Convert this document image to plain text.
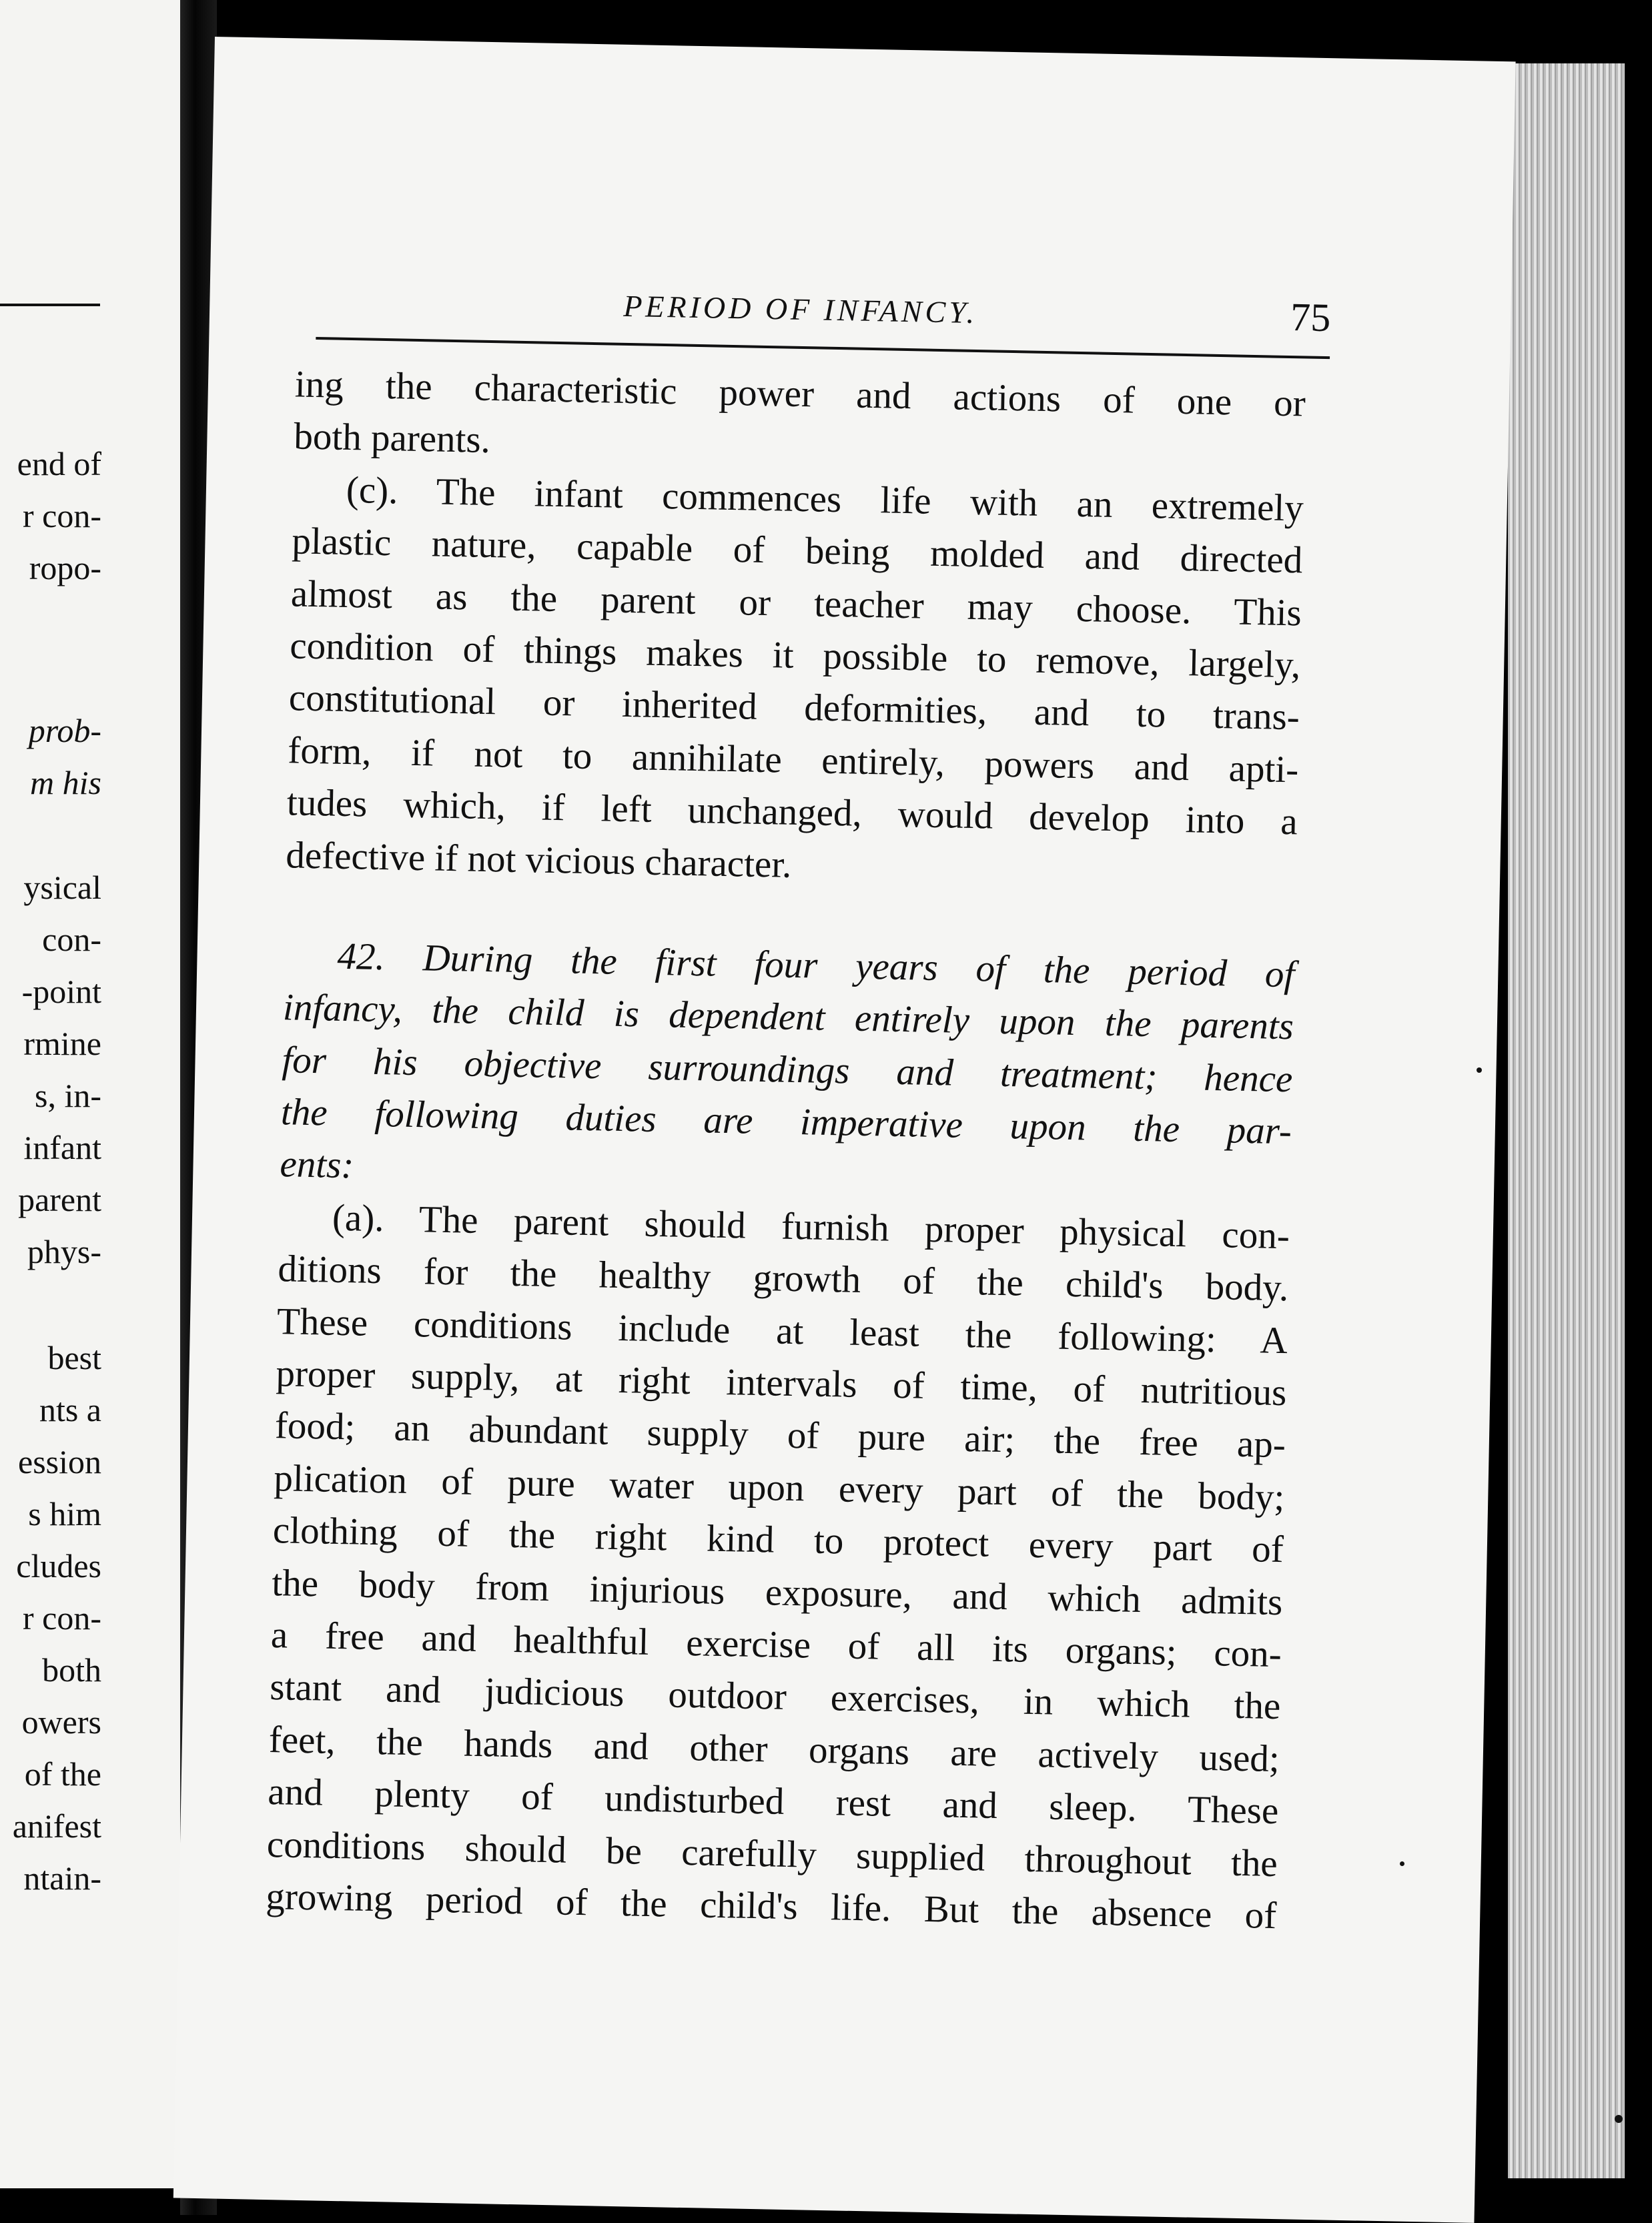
end of
r con-
ropo-
prob-
m his
ysical
con-
-point
rmine
s, in-
infant
parent
phys-
best
nts a
ession
s him
cludes
r con-
both
owers
of the
anifest
ntain-
PERIOD OF INFANCY.	75
ing the characteristic power and actions of one or
both parents.
(c). The infant commences life with an extremely
plastic nature, capable of being molded and directed
almost as the parent or teacher may choose. This
condition of things makes it possible to remove, largely,
constitutional or inherited deformities, and to trans-
form, if not to annihilate entirely, powers and apti-
tudes which, if left unchanged, would develop into a
defective if not vicious character.
42. During the first four years of the period of
infancy, the child is dependent entirely upon the parents
for his objective surroundings and treatment; hence
the following duties are imperative upon the par-
ents:
(a). The parent should furnish proper physical con-
ditions for the healthy growth of the child's body.
These conditions include at least the following: A
proper supply, at right intervals of time, of nutritious
food; an abundant supply of pure air; the free ap-
plication of pure water upon every part of the body;
clothing of the right kind to protect every part of
the body from injurious exposure, and which admits
a free and healthful exercise of all its organs; con-
stant and judicious outdoor exercises, in which the
feet, the hands and other organs are actively used;
and plenty of undisturbed rest and sleep. These
conditions should be carefully supplied throughout the
growing period of the child's life. But the absence of
